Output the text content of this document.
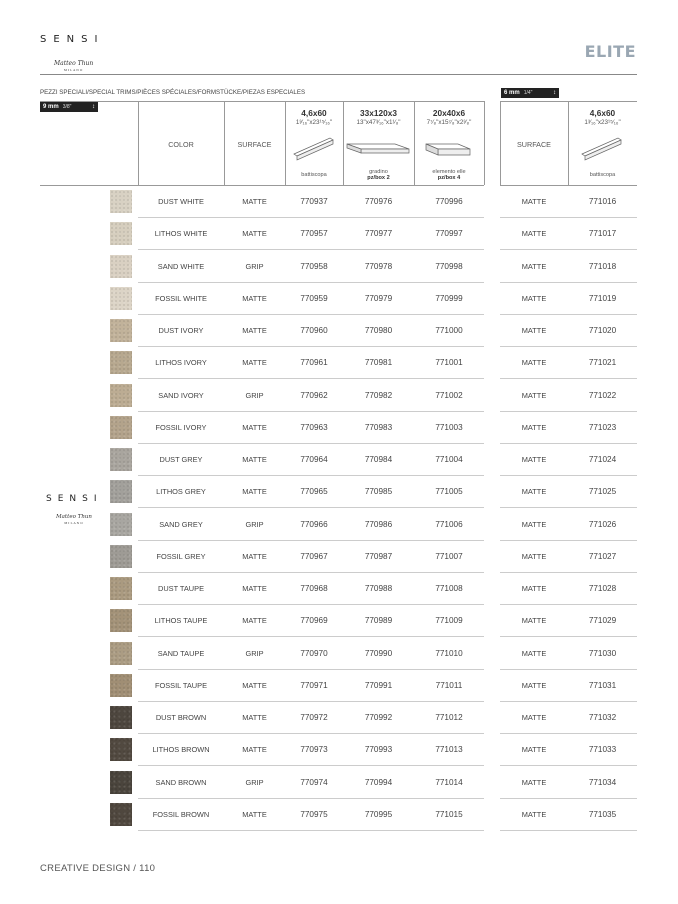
SENSI
Matteo Thun
MILANO
ELITE
PEZZI SPECIALI/SPECIAL TRIMS/PIÈCES SPÉCIALES/FORMSTÜCKE/PIEZAS ESPECIALES
9 mm 3/8"	↕
6 mm 1/4"	↕
COLOR	SURFACE	SURFACE
4,6x60
1³⁄₁₆"x23¹⁵⁄₁₆"
battiscopa
33x120x3
13"x47³⁄₁₆"x1¹⁄₈"
gradino
pz/box 2
20x40x6
7⁷⁄₈"x15⁷⁄₈"x2³⁄₈"
elemento elle
pz/box 4
4,6x60
1³⁄₁₆"x23¹⁵⁄₁₆"
battiscopa
SENSI
Matteo Thun
MILANO
DUST WHITE	MATTE	770937	770976	770996	MATTE	771016
LITHOS WHITE	MATTE	770957	770977	770997	MATTE	771017
SAND WHITE	GRIP	770958	770978	770998	MATTE	771018
FOSSIL WHITE	MATTE	770959	770979	770999	MATTE	771019
DUST IVORY	MATTE	770960	770980	771000	MATTE	771020
LITHOS IVORY	MATTE	770961	770981	771001	MATTE	771021
SAND IVORY	GRIP	770962	770982	771002	MATTE	771022
FOSSIL IVORY	MATTE	770963	770983	771003	MATTE	771023
DUST GREY	MATTE	770964	770984	771004	MATTE	771024
LITHOS GREY	MATTE	770965	770985	771005	MATTE	771025
SAND GREY	GRIP	770966	770986	771006	MATTE	771026
FOSSIL GREY	MATTE	770967	770987	771007	MATTE	771027
DUST TAUPE	MATTE	770968	770988	771008	MATTE	771028
LITHOS TAUPE	MATTE	770969	770989	771009	MATTE	771029
SAND TAUPE	GRIP	770970	770990	771010	MATTE	771030
FOSSIL TAUPE	MATTE	770971	770991	771011	MATTE	771031
DUST BROWN	MATTE	770972	770992	771012	MATTE	771032
LITHOS BROWN	MATTE	770973	770993	771013	MATTE	771033
SAND BROWN	GRIP	770974	770994	771014	MATTE	771034
FOSSIL BROWN	MATTE	770975	770995	771015	MATTE	771035
CREATIVE DESIGN / 110
